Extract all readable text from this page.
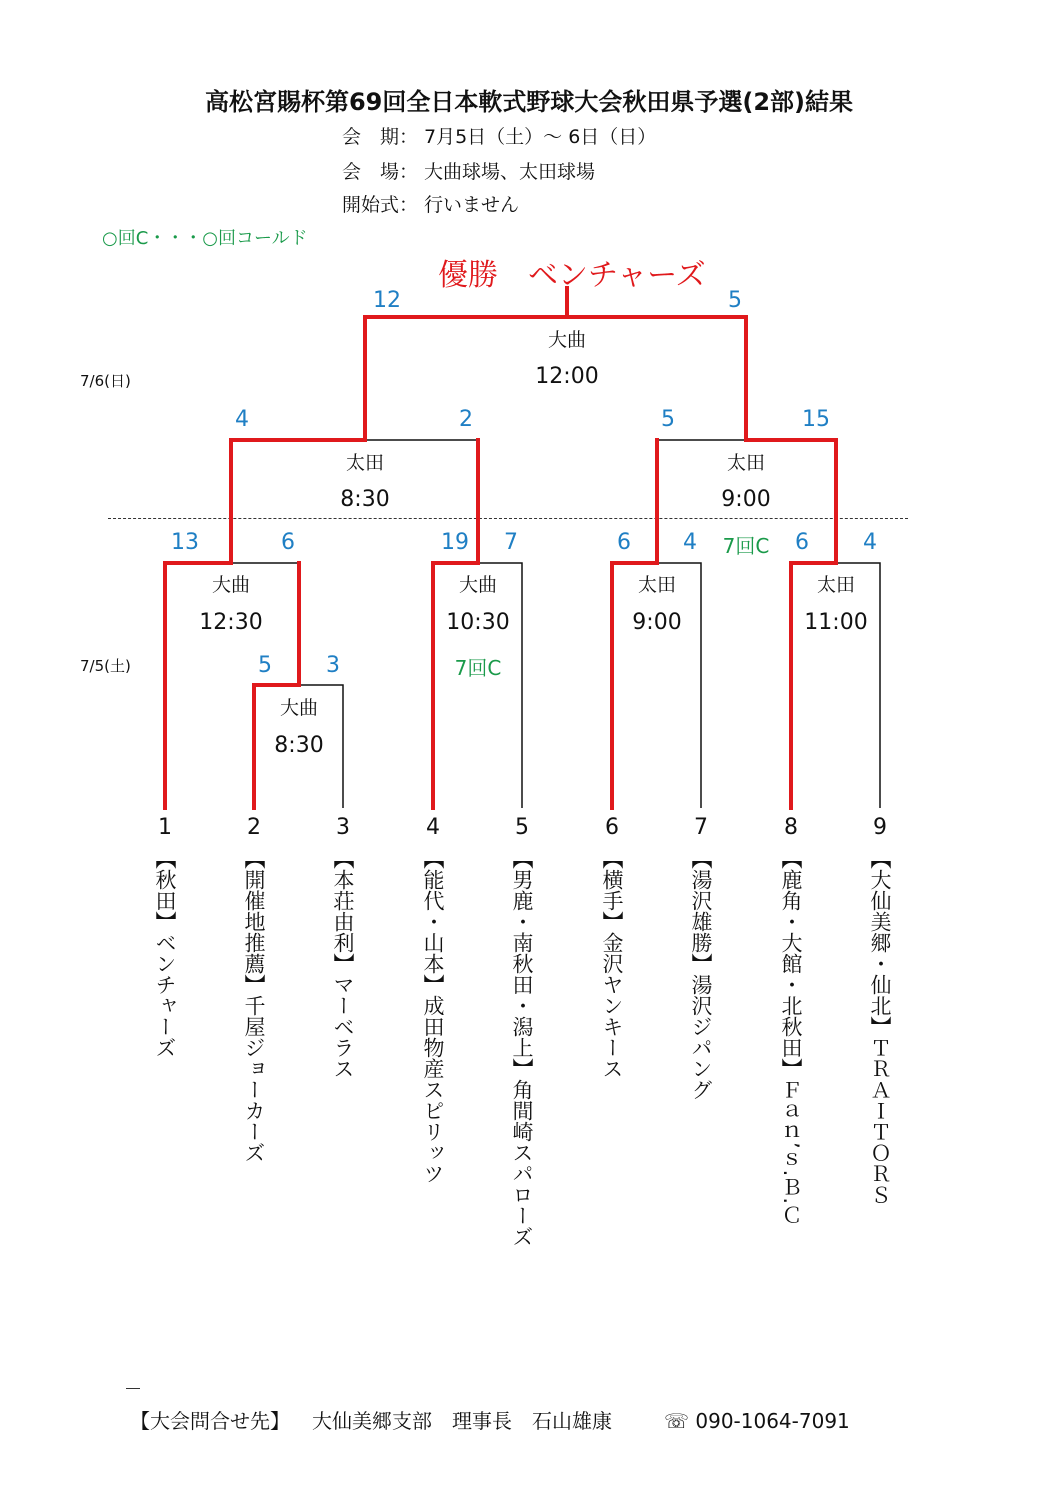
高松宮賜杯第69回全日本軟式野球大会秋田県予選(2部)結果
会　期： 7月5日（土）～ 6日（日）
会　場： 大曲球場、太田球場
開始式： 行いません
○回C・・・○回コールド
優勝　ベンチャーズ
7/6(日)
7/5(土)	5	3
大曲
8:30
13	6
大曲
12:30
19	7
大曲
10:30
7回C
6	4
太田
9:00
7回C	6	4
太田
11:00
4	2
太田
8:30
5	15
太田
9:00
12	5
大曲
12:00
1	2	3	4	5	6	7	8	9
【秋田】ベンチャーズ	【開催地推薦】千屋ジョーカーズ	【本荘由利】マーベラス	【能代・山本】成田物産スピリッツ	【男鹿・南秋田・潟上】角間崎スパローズ	【横手】金沢ヤンキース	【湯沢雄勝】湯沢ジパング	【鹿角・大館・北秋田】Ｆａｎ’ｓ.Ｂ.Ｃ	【大仙美郷・仙北】ＴＲＡＩＴＯＲＳ
【大会問合せ先】 大仙美郷支部　理事長　石山雄康	☏ 090-1064-7091
